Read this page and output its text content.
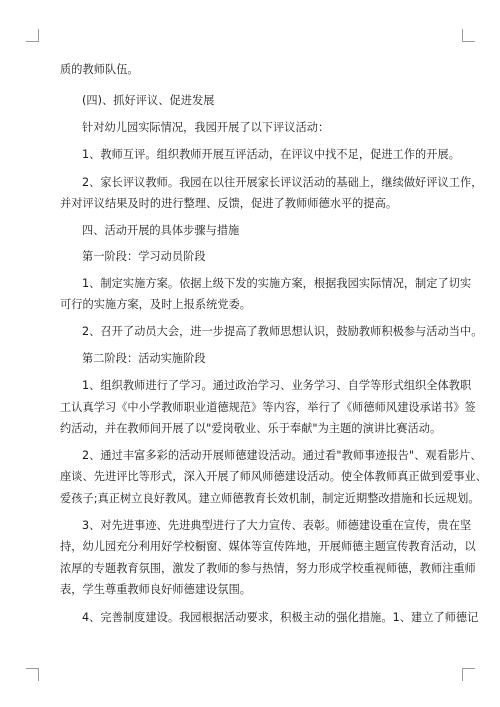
质的教师队伍。
(四)、抓好评议、促进发展
针对幼儿园实际情况，我园开展了以下评议活动：
1、教师互评。组织教师开展互评活动，在评议中找不足，促进工作的开展。
2、家长评议教师。我园在以往开展家长评议活动的基础上，继续做好评议工作，
并对评议结果及时的进行整理、反馈，促进了教师师德水平的提高。
四、活动开展的具体步骤与措施
第一阶段：学习动员阶段
1、制定实施方案。依据上级下发的实施方案，根据我园实际情况，制定了切实
可行的实施方案，及时上报系统党委。
2、召开了动员大会，进一步提高了教师思想认识，鼓励教师积极参与活动当中。
第二阶段：活动实施阶段
1、组织教师进行了学习。通过政治学习、业务学习、自学等形式组织全体教职
工认真学习《中小学教师职业道德规范》等内容，举行了《师德师风建设承诺书》签
约活动，并在教师间开展了以"爱岗敬业、乐于奉献"为主题的演讲比赛活动。
2、通过丰富多彩的活动开展师德建设活动。通过看"教师事迹报告"、观看影片、
座谈、先进评比等形式，深入开展了师风师德建设活动。使全体教师真正做到爱事业、
爱孩子;真正树立良好教风。建立师德教育长效机制，制定近期整改措施和长远规划。
3、对先进事迹、先进典型进行了大力宣传、表彰。师德建设重在宣传，贵在坚
持，幼儿园充分利用好学校橱窗、媒体等宣传阵地，开展师德主题宣传教育活动，以
浓厚的专题教育氛围，激发了教师的参与热情，努力形成学校重视师德，教师注重师
表，学生尊重教师良好师德建设氛围。
4、完善制度建设。我园根据活动要求，积极主动的强化措施。1、建立了师德记
